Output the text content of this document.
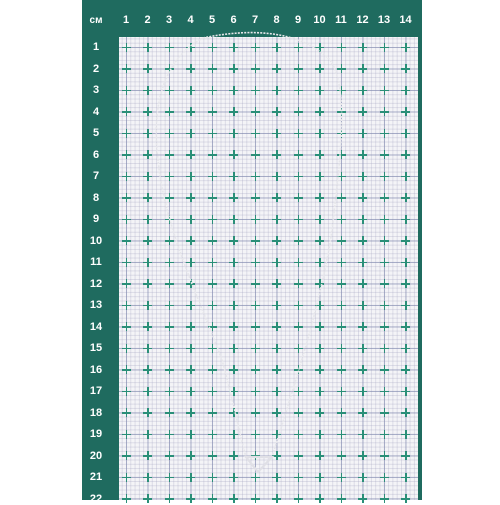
см	1	2	3	4	5	6	7	8	9	10 11 12 13 14
1
2
3
4
5
6
7
8
9
10
11
12
13
14
15
16
17
18
19
20
21
22
